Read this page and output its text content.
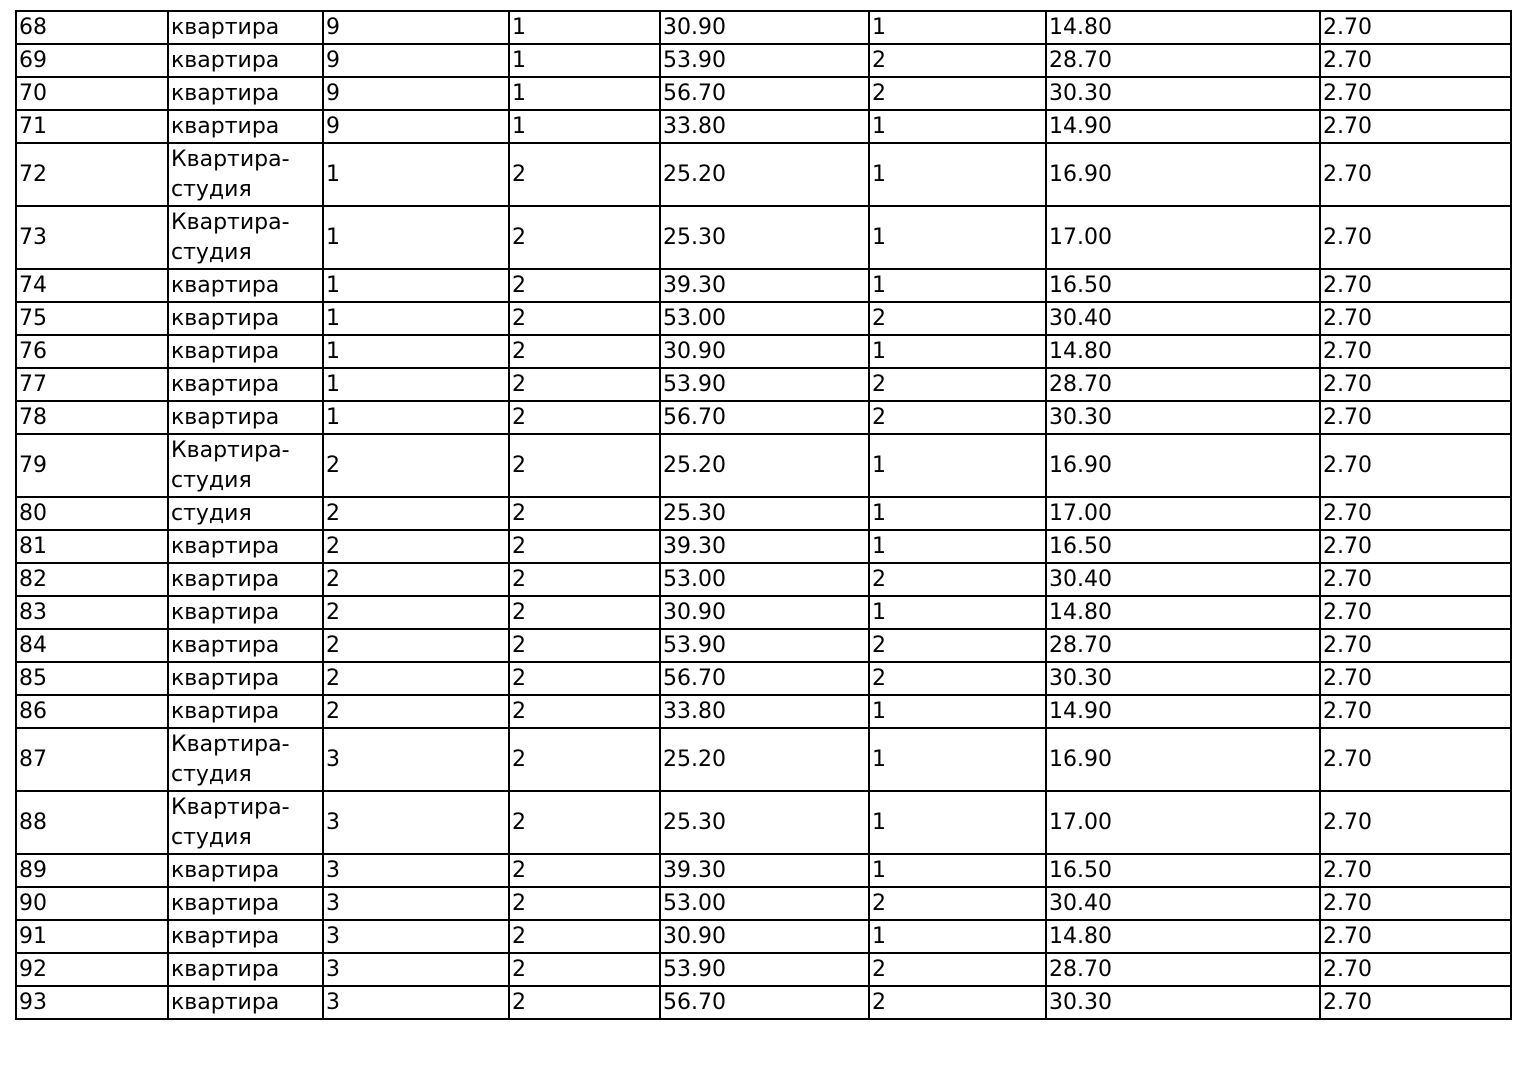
68	квартира	9	1	30.90	1	14.80	2.70
69	квартира	9	1	53.90	2	28.70	2.70
70	квартира	9	1	56.70	2	30.30	2.70
71	квартира	9	1	33.80	1	14.90	2.70
72	Квартира-студия	1	2	25.20	1	16.90	2.70
73	Квартира-студия	1	2	25.30	1	17.00	2.70
74	квартира	1	2	39.30	1	16.50	2.70
75	квартира	1	2	53.00	2	30.40	2.70
76	квартира	1	2	30.90	1	14.80	2.70
77	квартира	1	2	53.90	2	28.70	2.70
78	квартира	1	2	56.70	2	30.30	2.70
79	Квартира-студия	2	2	25.20	1	16.90	2.70
80	студия	2	2	25.30	1	17.00	2.70
81	квартира	2	2	39.30	1	16.50	2.70
82	квартира	2	2	53.00	2	30.40	2.70
83	квартира	2	2	30.90	1	14.80	2.70
84	квартира	2	2	53.90	2	28.70	2.70
85	квартира	2	2	56.70	2	30.30	2.70
86	квартира	2	2	33.80	1	14.90	2.70
87	Квартира-студия	3	2	25.20	1	16.90	2.70
88	Квартира-студия	3	2	25.30	1	17.00	2.70
89	квартира	3	2	39.30	1	16.50	2.70
90	квартира	3	2	53.00	2	30.40	2.70
91	квартира	3	2	30.90	1	14.80	2.70
92	квартира	3	2	53.90	2	28.70	2.70
93	квартира	3	2	56.70	2	30.30	2.70
